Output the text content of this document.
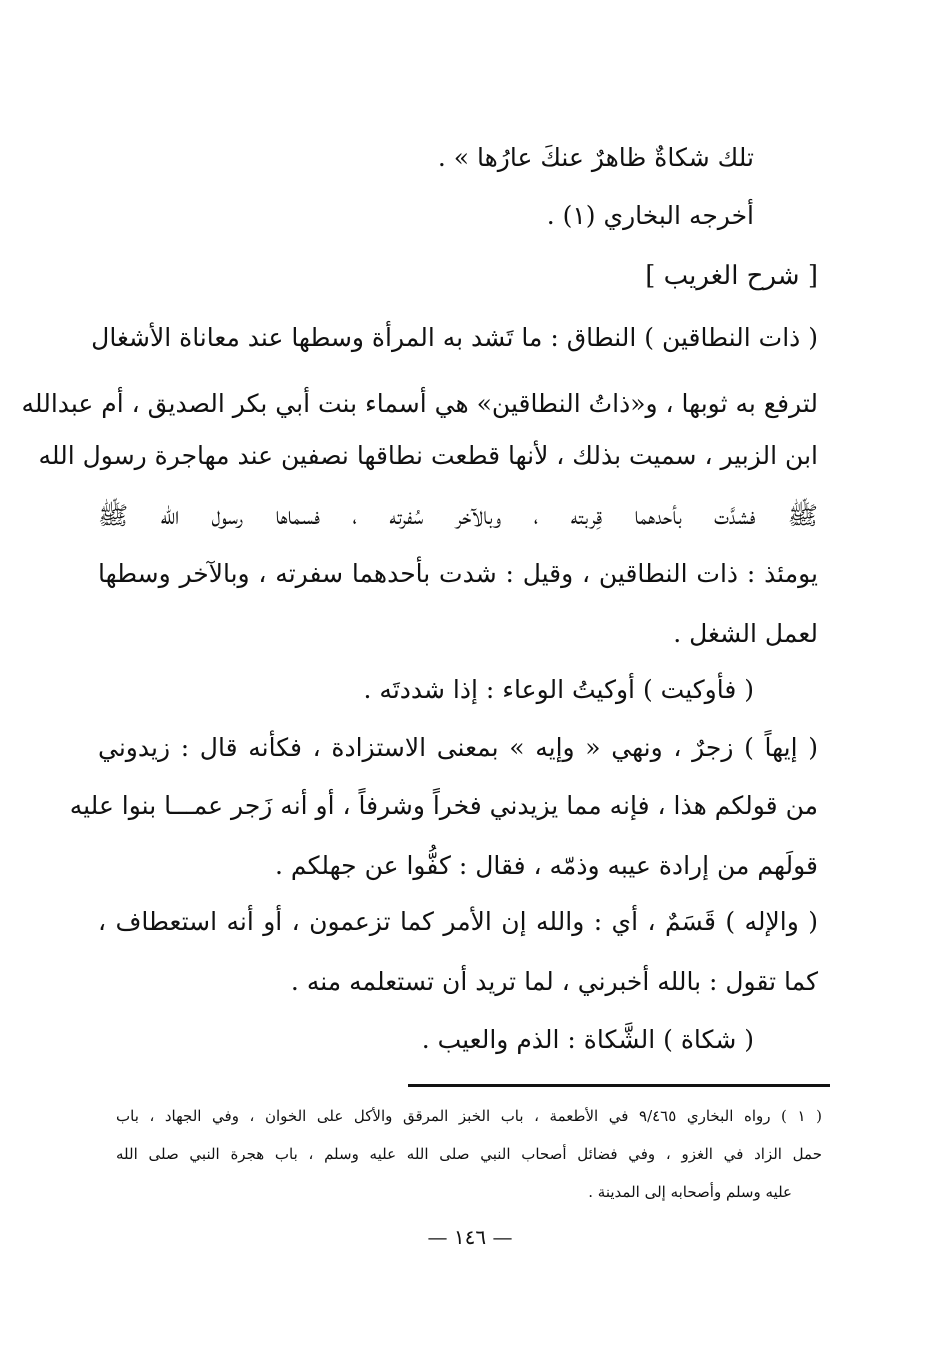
تلك شكاةٌ ظاهرٌ عنكَ عارُها » .
أخرجه البخاري (١) .
[ شرح الغريب ]
( ذات النطاقين ) النطاق : ما تَشد به المرأة وسطها عند معاناة الأشغال
لترفع به ثوبها ، و«ذاتُ النطاقين» هي أسماء بنت أبي بكر الصديق ، أم عبدالله
ابن الزبير ، سميت بذلك ، لأنها قطعت نطاقها نصفين عند مهاجرة رسول الله
ﷺ فشدَّت بأحدهما قِربته ، وبالآخر سُفرته ، فسماها رسول الله ﷺ
يومئذ : ذات النطاقين ، وقيل : شدت بأحدهما سفرته ، وبالآخر وسطها
لعمل الشغل .
( فأوكيت ) أوكيتُ الوعاء : إذا شددتَه .
( إيهاً ) زجرٌ ، ونهي « وإيه » بمعنى الاستزادة ، فكأنه قال : زيدوني
من قولكم هذا ، فإنه مما يزيدني فخراً وشرفاً ، أو أنه زَجر عمـــا بنوا عليه
قولَهم من إرادة عيبه وذمّه ، فقال : كفُّوا عن جهلكم .
( والإله ) قَسَمٌ ، أي : والله إن الأمر كما تزعمون ، أو أنه استعطاف ،
كما تقول : بالله أخبرني ، لما تريد أن تستعلمه منه .
( شكاة ) الشَّكاة : الذم والعيب .
( ١ ) رواه البخاري ٩/٤٦٥ في الأطعمة ، باب الخبز المرقق والأكل على الخوان ، وفي الجهاد ، باب
حمل الزاد في الغزو ، وفي فضائل أصحاب النبي صلى الله عليه وسلم ، باب هجرة النبي صلى الله
عليه وسلم وأصحابه إلى المدينة .
— ١٤٦ —
